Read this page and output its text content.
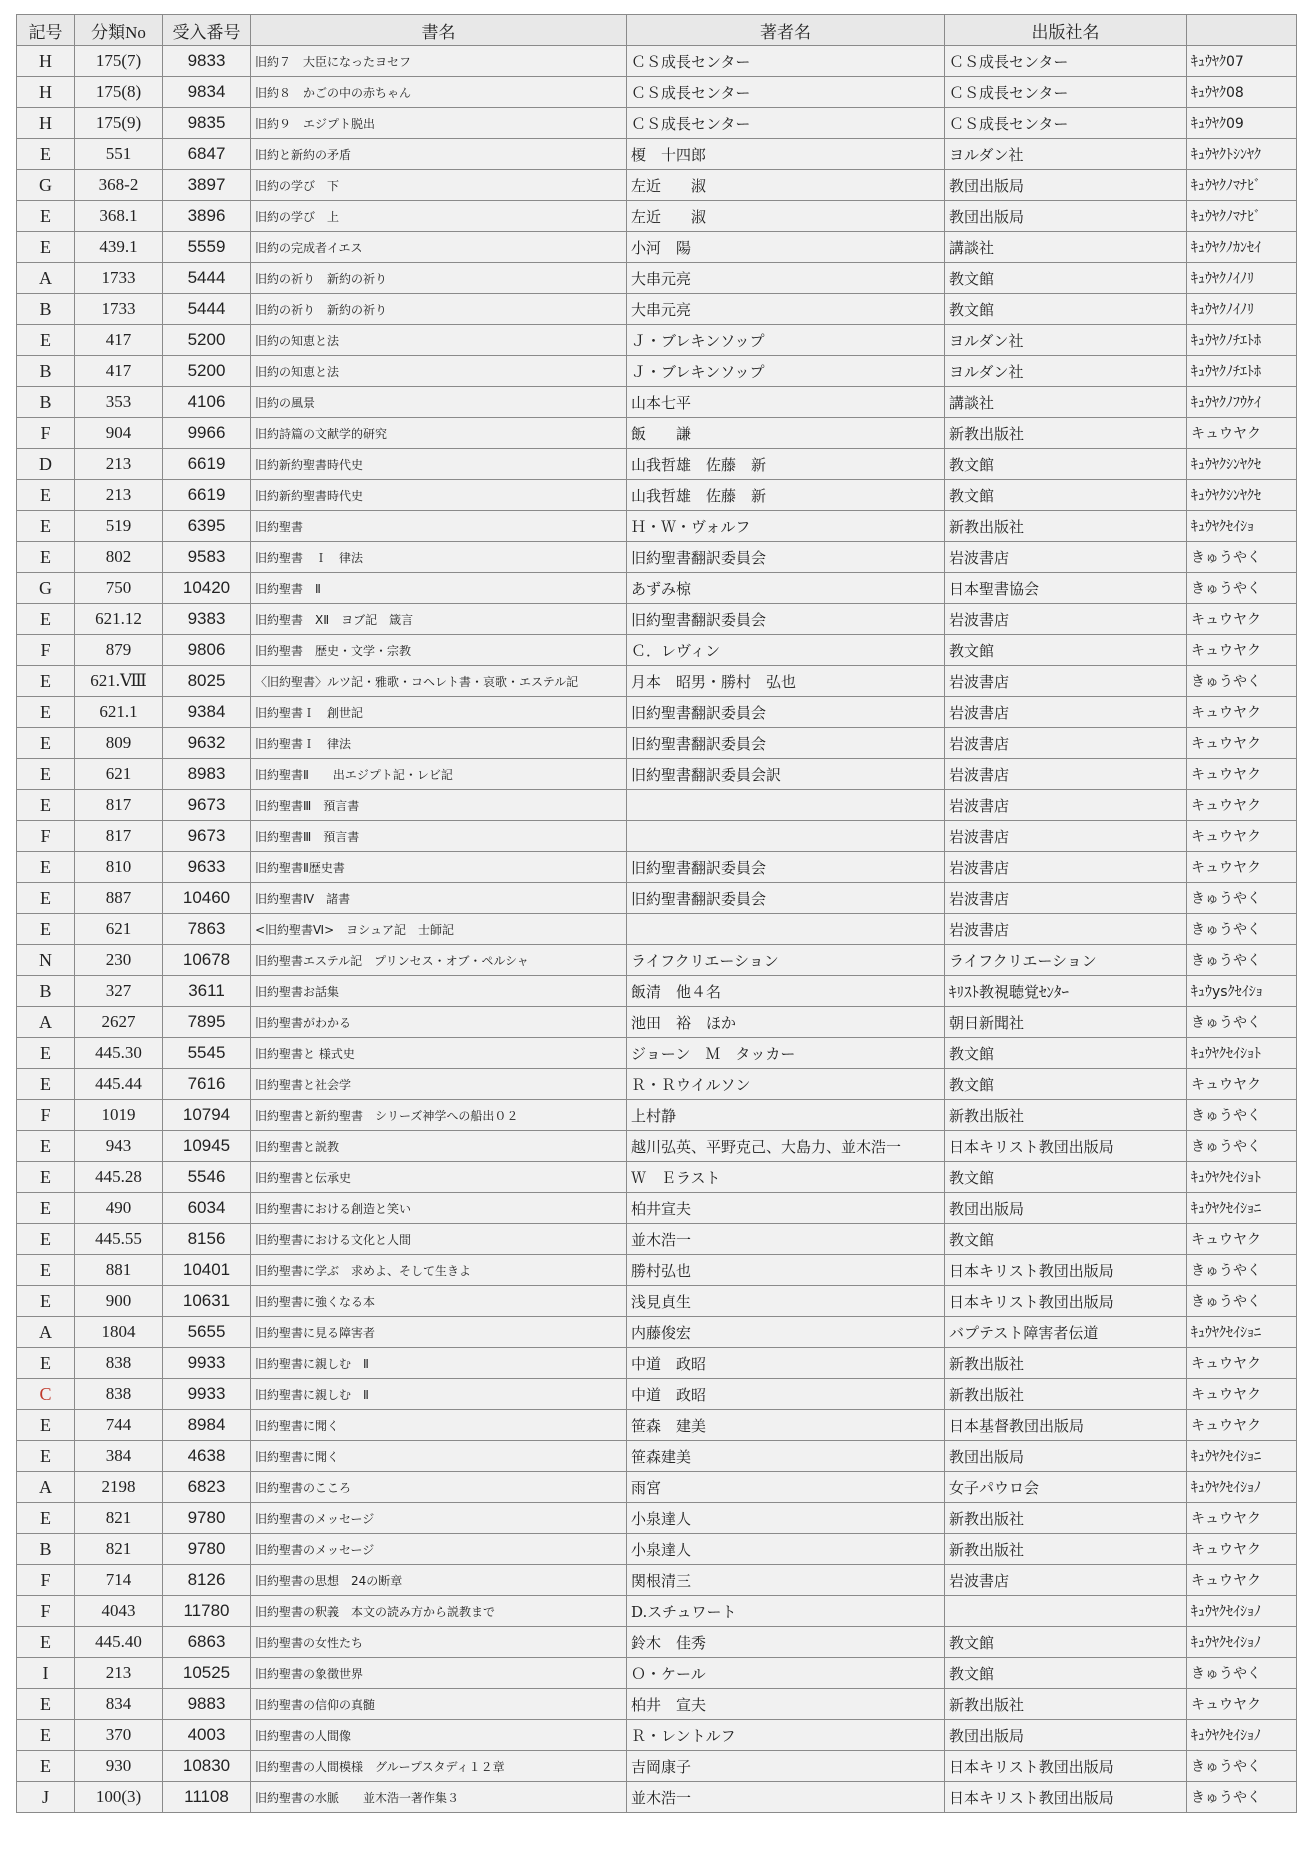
記号	分類No	受入番号	書名	著者名	出版社名	
H	175(7)	9833	旧約７　大臣になったヨセフ	ＣＳ成長センター	ＣＳ成長センター	ｷｭｳﾔｸ07
H	175(8)	9834	旧約８　かごの中の赤ちゃん	ＣＳ成長センター	ＣＳ成長センター	ｷｭｳﾔｸ08
H	175(9)	9835	旧約９　エジプト脱出	ＣＳ成長センター	ＣＳ成長センター	ｷｭｳﾔｸ09
E	551	6847	旧約と新約の矛盾	榎　十四郎	ヨルダン社	ｷｭｳﾔｸﾄｼﾝﾔｸ
G	368-2	3897	旧約の学び　下	左近　　淑	教団出版局	ｷｭｳﾔｸﾉﾏﾅﾋﾞ
E	368.1	3896	旧約の学び　上	左近　　淑	教団出版局	ｷｭｳﾔｸﾉﾏﾅﾋﾞ
E	439.1	5559	旧約の完成者イエス	小河　陽	講談社	ｷｭｳﾔｸﾉｶﾝｾｲ
A	1733	5444	旧約の祈り　新約の祈り	大串元亮	教文館	ｷｭｳﾔｸﾉｲﾉﾘ
B	1733	5444	旧約の祈り　新約の祈り	大串元亮	教文館	ｷｭｳﾔｸﾉｲﾉﾘ
E	417	5200	旧約の知恵と法	Ｊ・ブレキンソップ	ヨルダン社	ｷｭｳﾔｸﾉﾁｴﾄﾎ
B	417	5200	旧約の知恵と法	Ｊ・ブレキンソップ	ヨルダン社	ｷｭｳﾔｸﾉﾁｴﾄﾎ
B	353	4106	旧約の風景	山本七平	講談社	ｷｭｳﾔｸﾉﾌｳｹｲ
F	904	9966	旧約詩篇の文献学的研究	飯　　謙	新教出版社	キュウヤク
D	213	6619	旧約新約聖書時代史	山我哲雄　佐藤　新	教文館	ｷｭｳﾔｸｼﾝﾔｸｾ
E	213	6619	旧約新約聖書時代史	山我哲雄　佐藤　新	教文館	ｷｭｳﾔｸｼﾝﾔｸｾ
E	519	6395	旧約聖書	Ｈ・Ｗ・ヴォルフ	新教出版社	ｷｭｳﾔｸｾｲｼｮ
E	802	9583	旧約聖書　Ｉ　律法	旧約聖書翻訳委員会	岩波書店	きゅうやく
G	750	10420	旧約聖書　Ⅱ	あずみ椋	日本聖書協会	きゅうやく
E	621.12	9383	旧約聖書　ⅩⅡ　ヨブ記　箴言	旧約聖書翻訳委員会	岩波書店	キュウヤク
F	879	9806	旧約聖書　歴史・文学・宗教	Ｃ．レヴィン	教文館	キュウヤク
E	621.Ⅷ	8025	〈旧約聖書〉ルツ記・雅歌・コヘレト書・哀歌・エステル記	月本　昭男・勝村　弘也	岩波書店	きゅうやく
E	621.1	9384	旧約聖書Ｉ　創世記	旧約聖書翻訳委員会	岩波書店	キュウヤク
E	809	9632	旧約聖書Ｉ　律法	旧約聖書翻訳委員会	岩波書店	キュウヤク
E	621	8983	旧約聖書Ⅱ　　出エジプト記・レビ記	旧約聖書翻訳委員会訳	岩波書店	キュウヤク
E	817	9673	旧約聖書Ⅲ　預言書		岩波書店	キュウヤク
F	817	9673	旧約聖書Ⅲ　預言書		岩波書店	キュウヤク
E	810	9633	旧約聖書Ⅱ歴史書	旧約聖書翻訳委員会	岩波書店	キュウヤク
E	887	10460	旧約聖書Ⅳ　諸書	旧約聖書翻訳委員会	岩波書店	きゅうやく
E	621	7863	<旧約聖書Ⅵ>　ヨシュア記　士師記		岩波書店	きゅうやく
N	230	10678	旧約聖書エステル記　プリンセス・オブ・ペルシャ	ライフクリエーション	ライフクリエーション	きゅうやく
B	327	3611	旧約聖書お話集	飯清　他４名	ｷﾘｽﾄ教視聴覚ｾﾝﾀｰ	ｷｭｳysｸｾｲｼｮ
A	2627	7895	旧約聖書がわかる	池田　裕　ほか	朝日新聞社	きゅうやく
E	445.30	5545	旧約聖書と 様式史	ジョーン　Ｍ　タッカー	教文館	ｷｭｳﾔｸｾｲｼｮﾄ
E	445.44	7616	旧約聖書と社会学	Ｒ・Ｒウイルソン	教文館	キュウヤク
F	1019	10794	旧約聖書と新約聖書　シリーズ神学への船出０２	上村静	新教出版社	きゅうやく
E	943	10945	旧約聖書と説教	越川弘英、平野克己、大島力、並木浩一	日本キリスト教団出版局	きゅうやく
E	445.28	5546	旧約聖書と伝承史	Ｗ　Ｅラスト	教文館	ｷｭｳﾔｸｾｲｼｮﾄ
E	490	6034	旧約聖書における創造と笑い	柏井宣夫	教団出版局	ｷｭｳﾔｸｾｲｼｮﾆ
E	445.55	8156	旧約聖書における文化と人間	並木浩一	教文館	キュウヤク
E	881	10401	旧約聖書に学ぶ　求めよ、そして生きよ	勝村弘也	日本キリスト教団出版局	きゅうやく
E	900	10631	旧約聖書に強くなる本	浅見貞生	日本キリスト教団出版局	きゅうやく
A	1804	5655	旧約聖書に見る障害者	内藤俊宏	バプテスト障害者伝道	ｷｭｳﾔｸｾｲｼｮﾆ
E	838	9933	旧約聖書に親しむ　Ⅱ	中道　政昭	新教出版社	キュウヤク
C	838	9933	旧約聖書に親しむ　Ⅱ	中道　政昭	新教出版社	キュウヤク
E	744	8984	旧約聖書に聞く	笹森　建美	日本基督教団出版局	キュウヤク
E	384	4638	旧約聖書に聞く	笹森建美	教団出版局	ｷｭｳﾔｸｾｲｼｮﾆ
A	2198	6823	旧約聖書のこころ	雨宮	女子パウロ会	ｷｭｳﾔｸｾｲｼｮﾉ
E	821	9780	旧約聖書のメッセージ	小泉達人	新教出版社	キュウヤク
B	821	9780	旧約聖書のメッセージ	小泉達人	新教出版社	キュウヤク
F	714	8126	旧約聖書の思想　24の断章	関根清三	岩波書店	キュウヤク
F	4043	11780	旧約聖書の釈義　本文の読み方から説教まで	D.スチュワート		ｷｭｳﾔｸｾｲｼｮﾉ
E	445.40	6863	旧約聖書の女性たち	鈴木　佳秀	教文館	ｷｭｳﾔｸｾｲｼｮﾉ
I	213	10525	旧約聖書の象徴世界	Ｏ・ケール	教文館	きゅうやく
E	834	9883	旧約聖書の信仰の真髄	柏井　宣夫	新教出版社	キュウヤク
E	370	4003	旧約聖書の人間像	Ｒ・レントルフ	教団出版局	ｷｭｳﾔｸｾｲｼｮﾉ
E	930	10830	旧約聖書の人間模様　グループスタディ１２章	吉岡康子	日本キリスト教団出版局	きゅうやく
J	100(3)	11108	旧約聖書の水脈　　並木浩一著作集３	並木浩一	日本キリスト教団出版局	きゅうやく
